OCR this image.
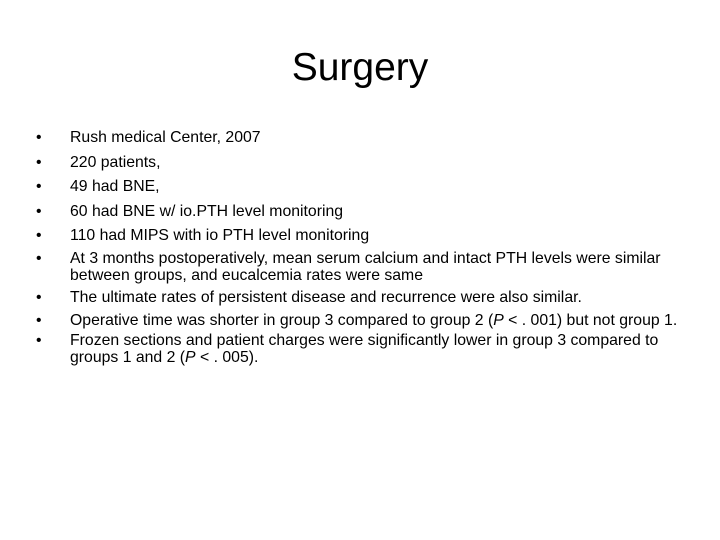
Surgery
•	Rush medical Center, 2007
•	220 patients,
•	49 had BNE,
•	60 had BNE w/ io.PTH level monitoring
•	110 had MIPS with io PTH level monitoring
•	At 3 months postoperatively, mean serum calcium and intact PTH levels were similar between groups, and eucalcemia rates were same
•	The ultimate rates of persistent disease and recurrence were also similar.
•	Operative time was shorter in group 3 compared to group 2 (P < . 001) but not group 1.
•	Frozen sections and patient charges were significantly lower in group 3 compared to groups 1 and 2 (P < . 005).
